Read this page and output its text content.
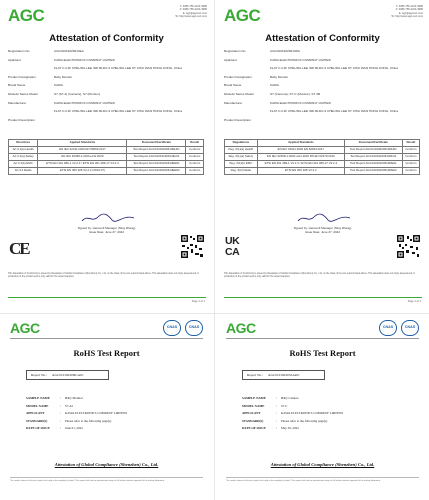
AGC	T: 0086-755-2223-4986
F: 0086-755-2223-4986
E: agc@agccert.com
W: http://www.agc-cert.com
Attestation of Conformity
Registration No.	AGC01019220613EA
Applicant	KAWA ELECTRONICS COMPANY LIMITED
FLAT 2-3 4F CHEUNG LEE IND BLDG 9 CHEUNG LEE ST CHAI WAN HONG KONG, China
Product Designation	Baby Monitor
Brand Name	KAWA
Models/ Series Model	S7 (S7-4) (Camera), S7 (Monitor)
Manufacturer	KAWA ELECTRONICS COMPANY LIMITED
FLAT 2-3 4F CHEUNG LEE IND BLDG 9 CHEUNG LEE ST CHAI WAN HONG KONG, China
Product Description
Directives	Applied Standards	Document/Certificate	Result
Art.3.1(a) Health	EN IEC 62311:2020 EN 50663:2017	Test Report AGC01019220613EH01	Conform
Art.3.1(a) Safety	EN IEC 62368-1:2020+A11:2020	Test Report AGC01019220613EL01	Conform
Art.3.1(b) EMC	ETSI EN 301 489-1 V2.2.3 / ETSI EN 301 489-17 V3.2.4	Test Report AGC01019220613EE01	Conform
Art.3.2 Radio	ETSI EN 300 328 V2.2.2 (2019-07)	Test Report AGC01019220613EE02	Conform
Signed by: Hensonli Manager (Ning Zhang)
Issue Date: June 27, 2022
CE
This Attestation of Conformity is issued by Attestation of Global Compliance (Shenzhen) Co., Ltd. on the basis of the test reports listed above. This attestation does not imply assessment of production of the product and is only valid for the tested samples.
Page 1 of 1
AGC	T: 0086-755-2223-4986
F: 0086-755-2223-4986
E: agc@agccert.com
W: http://www.agc-cert.com
Attestation of Conformity
Registration No.	AGC01019220613RA
Applicant	KAWA ELECTRONICS COMPANY LIMITED
FLAT 2-3 4F CHEUNG LEE IND BLDG 9 CHEUNG LEE ST CHAI WAN HONG KONG, China
Product Designation	Baby Monitor
Brand Name	KAWA
Models/ Series Model	S7 (Camera), S7-C (Monitor), S7-4B
Manufacturer	KAWA ELECTRONICS COMPANY LIMITED
FLAT 2-3 4F CHEUNG LEE IND BLDG 9 CHEUNG LEE ST CHAI WAN HONG KONG, China
Product Description
Regulations	Applied Standards	Document/Certificate	Result
Reg. 6(1)(a) Health	EN IEC 62311:2020 EN 50663:2017	Test Report AGC01019220613RH01	Conform
Reg. 6(1)(a) Safety	EN IEC 62368-1:2020+A11:2020 BS EN 62479:2010	Test Report AGC01019220613RL01	Conform
Reg. 6(1)(b) EMC	ETSI EN 301 489-1 V2.2.3 / ETSI EN 301 489-17 V3.2.4	Test Report AGC01019220613RE01	Conform
Reg. 6(2) Radio	ETSI EN 300 328 V2.2.2	Test Report AGC01019220613RE02	Conform
Signed by: Hensonli Manager (Ning Zhang)
Issue Date: June 27, 2022
UK
CA
This Attestation of Conformity is issued by Attestation of Global Compliance (Shenzhen) Co., Ltd. on the basis of the test reports listed above. This attestation does not imply assessment of production of the product and is only valid for the tested samples.
Page 1 of 1
AGC	CNAS	CNAS
RoHS Test Report
Report No.: AGC01019220601A01
SAMPLE NAME	:	Baby Monitor
MODEL NAME	:	S7-44
APPLICANT	:	KAWA ELECTRONICS COMPANY LIMITED
STANDARD(S)	:	Please refer to the following page(s)
DATE OF ISSUE	:	June 01, 2022
Attestation of Global Compliance (Shenzhen) Co., Ltd.
The results shown in this test report refer only to the sample(s) tested. This report shall not be reproduced except in full without written approval of the testing laboratory.
AGC	CNAS	CNAS
RoHS Test Report
Report No.: AGC01019220524A01
SAMPLE NAME	:	Baby Camera
MODEL NAME	:	S7-C
APPLICANT	:	KAWA ELECTRONICS COMPANY LIMITED
STANDARD(S)	:	Please refer to the following page(s)
DATE OF ISSUE	:	May 30, 2022
Attestation of Global Compliance (Shenzhen) Co., Ltd.
The results shown in this test report refer only to the sample(s) tested. This report shall not be reproduced except in full without written approval of the testing laboratory.
